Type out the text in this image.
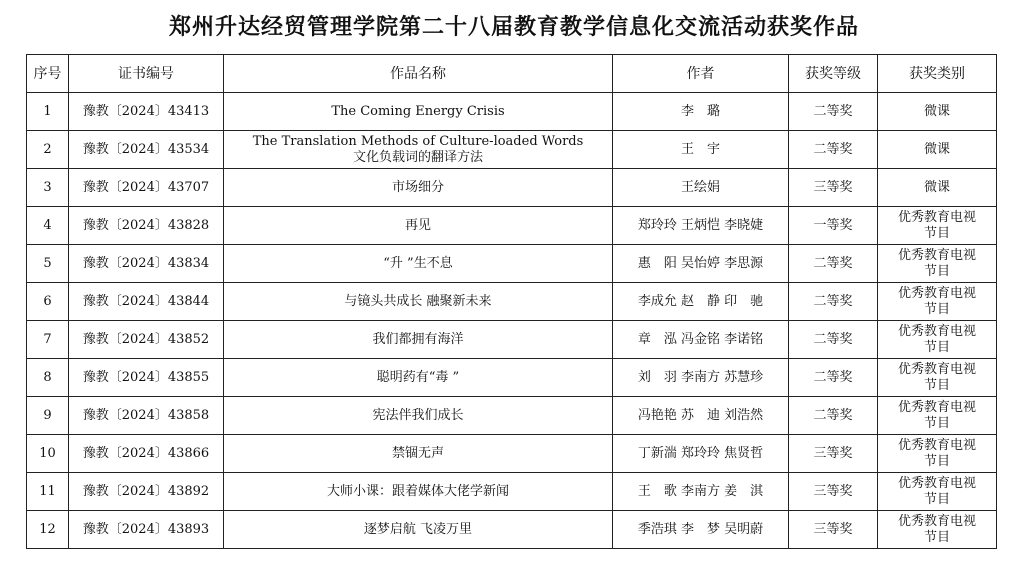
郑州升达经贸管理学院第二十八届教育教学信息化交流活动获奖作品
序号	证书编号	作品名称	作者	获奖等级	获奖类别
1	豫教〔2024〕43413	The Coming Energy Crisis	李　璐	二等奖	微课

2	豫教〔2024〕43534	The Translation Methods of Culture-loaded Words
文化负载词的翻译方法	王　宇	二等奖	微课

3	豫教〔2024〕43707	市场细分	王绘娟	三等奖	微课

4	豫教〔2024〕43828	再见	郑玲玲 王炳恺 李晓婕	一等奖	优秀教育电视
节目

5	豫教〔2024〕43834	“升 ”生不息	惠　阳 吴怡婷 李思源	二等奖	优秀教育电视
节目

6	豫教〔2024〕43844	与镜头共成长 融聚新未来	李成允 赵　静 印　驰	二等奖	优秀教育电视
节目

7	豫教〔2024〕43852	我们都拥有海洋	章　泓 冯金铭 李诺铭	二等奖	优秀教育电视
节目

8	豫教〔2024〕43855	聪明药有“毒 ”	刘　羽 李南方 苏慧珍	二等奖	优秀教育电视
节目

9	豫教〔2024〕43858	宪法伴我们成长	冯艳艳 苏　迪 刘浩然	二等奖	优秀教育电视
节目

10	豫教〔2024〕43866	禁锢无声	丁新湍 郑玲玲 焦贤哲	三等奖	优秀教育电视
节目

11	豫教〔2024〕43892	大师小课：跟着媒体大佬学新闻	王　歌 李南方 姜　淇	三等奖	优秀教育电视
节目

12	豫教〔2024〕43893	逐梦启航 飞凌万里	季浩琪 李　梦 吴明蔚	三等奖	优秀教育电视
节目
